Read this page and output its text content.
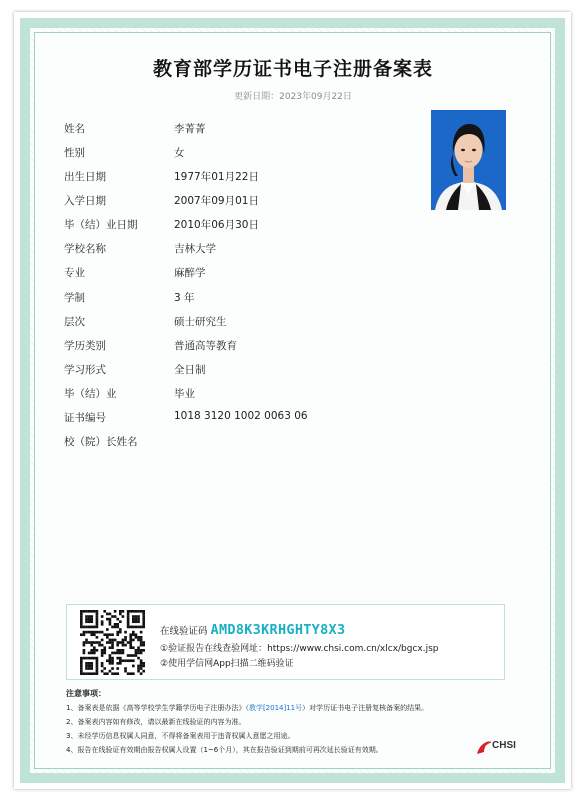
教育部学历证书电子注册备案表
更新日期：2023年09月22日
姓名	李菁菁
性别	女
出生日期	1977年01月22日
入学日期	2007年09月01日
毕（结）业日期	2010年06月30日
学校名称	吉林大学
专业	麻醉学
学制	3 年
层次	硕士研究生
学历类别	普通高等教育
学习形式	全日制
毕（结）业	毕业
证书编号	1018 3120 1002 0063 06
校（院）长姓名
在线验证码 AMD8K3KRHGHTY8X3
①验证报告在线查验网址：https://www.chsi.com.cn/xlcx/bgcx.jsp
②使用学信网App扫描二维码验证
注意事项：
1、备案表是依据《高等学校学生学籍学历电子注册办法》（教学[2014]11号）对学历证书电子注册复核备案的结果。
2、备案表内容如有修改，请以最新在线验证的内容为准。
3、未经学历信息权属人同意，不得将备案表用于违背权属人意愿之用途。
4、报告在线验证有效期由报告权属人设置（1~6个月），其在报告验证到期前可再次延长验证有效期。	CHSI
